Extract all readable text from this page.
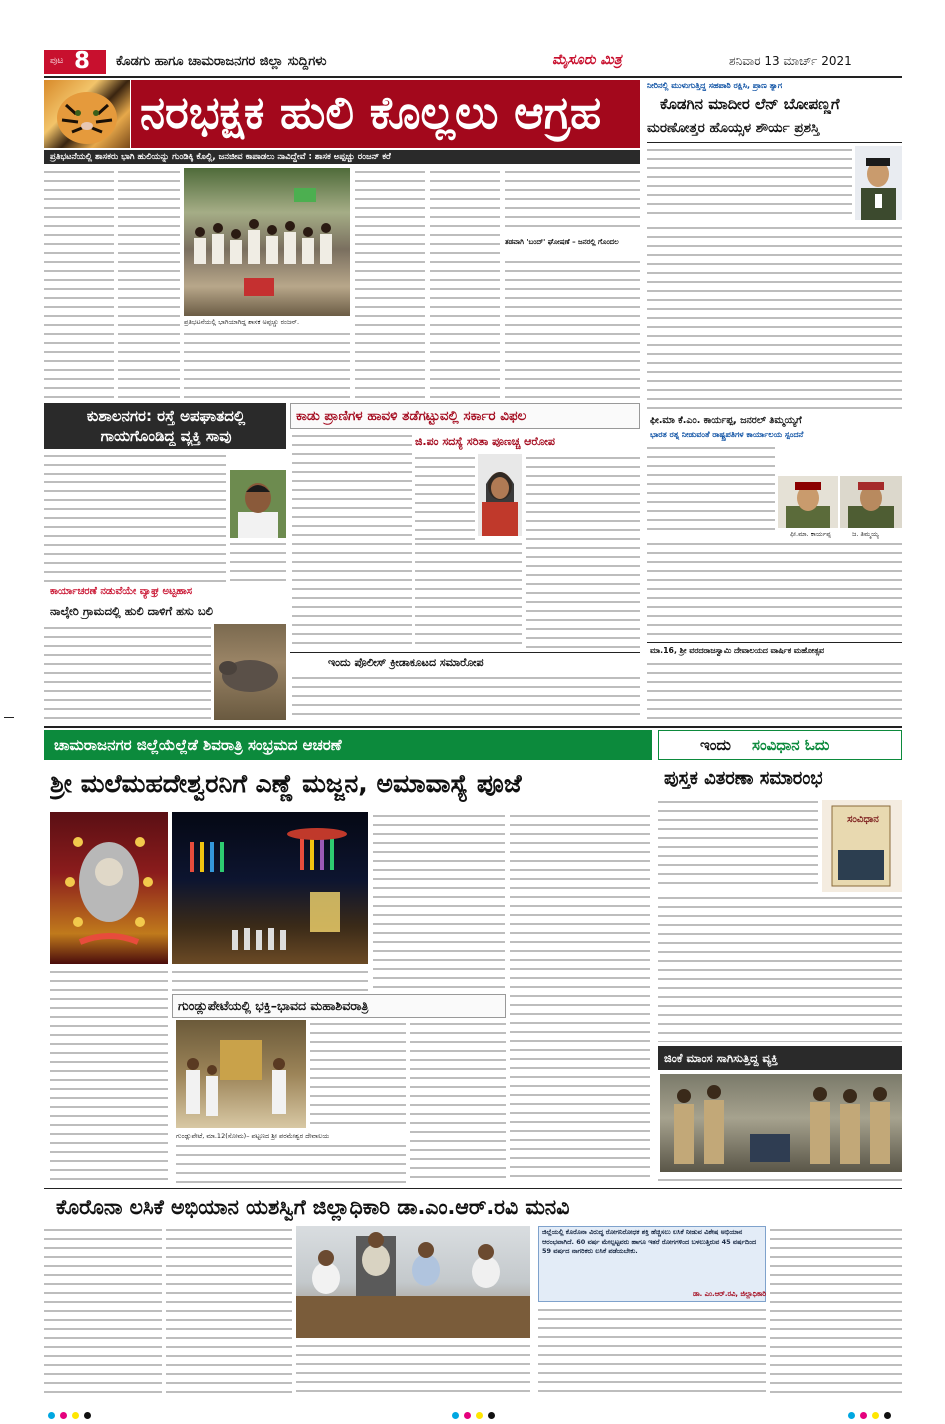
ಪುಟ 8 ಕೊಡಗು ಹಾಗೂ ಚಾಮರಾಜನಗರ ಜಿಲ್ಲಾ ಸುದ್ದಿಗಳು	ಮೈಸೂರು ಮಿತ್ರ	ಶನಿವಾರ 13 ಮಾರ್ಚ್ 2021
ನರಭಕ್ಷಕ ಹುಲಿ ಕೊಲ್ಲಲು ಆಗ್ರಹ
ಪ್ರತಿಭಟನೆಯಲ್ಲಿ ಶಾಸಕರು ಭಾಗಿ ಹುಲಿಯನ್ನು ಗುಂಡಿಕ್ಕಿ ಕೊಲ್ಲಿ, ಜನಜೀವ ಕಾಪಾಡಲು ನಾವಿದ್ದೇವೆ : ಶಾಸಕ ಅಪ್ಪಚ್ಚು ರಂಜನ್ ಕರೆ
ಪ್ರತಿಭಟನೆಯಲ್ಲಿ ಭಾಗಿಯಾಗಿದ್ದ ಶಾಸಕ ಅಪ್ಪಚ್ಚು ರಂಜನ್.
ತಡವಾಗಿ 'ಬಂದ್' ಘೋಷಣೆ – ಜನರಲ್ಲಿ ಗೊಂದಲ
ನೀರಿನಲ್ಲಿ ಮುಳುಗುತ್ತಿದ್ದ ಸಹಪಾಠಿ ರಕ್ಷಿಸಿ, ಪ್ರಾಣ ತ್ಯಾಗ
ಕೊಡಗಿನ ಮಾದೀರ ಲೆನ್‍ ಬೋಪಣ್ಣಗೆ
ಮರಣೋತ್ತರ ಹೊಯ್ಸಳ ಶೌರ್ಯ ಪ್ರಶಸ್ತಿ
ಕುಶಾಲನಗರ: ರಸ್ತೆ ಅಪಘಾತದಲ್ಲಿ
ಗಾಯಗೊಂಡಿದ್ದ ವ್ಯಕ್ತಿ ಸಾವು
ಕಾರ್ಯಾಚರಣೆ ನಡುವೆಯೇ ವ್ಯಾಘ್ರ ಅಟ್ಟಹಾಸ
ನಾಲ್ಕೇರಿ ಗ್ರಾಮದಲ್ಲಿ ಹುಲಿ ದಾಳಿಗೆ ಹಸು ಬಲಿ
ಕಾಡು ಪ್ರಾಣಿಗಳ ಹಾವಳಿ ತಡೆಗಟ್ಟುವಲ್ಲಿ ಸರ್ಕಾರ ವಿಫಲ
ಜಿ.ಪಂ ಸದಸ್ಯೆ ಸರಿತಾ ಪೂಣಚ್ಚ ಆರೋಪ
ಇಂದು ಪೊಲೀಸ್ ಕ್ರೀಡಾಕೂಟದ ಸಮಾರೋಪ
ಫೀ.ಮಾ ಕೆ.ಎಂ. ಕಾರ್ಯಪ್ಪ, ಜನರಲ್ ತಿಮ್ಮಯ್ಯಗೆ
ಭಾರತ ರತ್ನ ನೀಡುವಂತೆ ರಾಷ್ಟ್ರಪತಿಗಳ ಕಾರ್ಯಾಲಯ ಸ್ಪಂದನೆ
ಫೀ.ಮಾ. ಕಾರ್ಯಪ್ಪ	ಜ. ತಿಮ್ಮಯ್ಯ
ಮಾ.16, ಶ್ರೀ ವರದರಾಜಸ್ವಾಮಿ ದೇವಾಲಯದ ವಾರ್ಷಿಕ ಮಹೋತ್ಸವ
ಚಾಮರಾಜನಗರ ಜಿಲ್ಲೆಯೆಲ್ಲೆಡೆ ಶಿವರಾತ್ರಿ ಸಂಭ್ರಮದ ಆಚರಣೆ
ಶ್ರೀ ಮಲೆಮಹದೇಶ್ವರನಿಗೆ ಎಣ್ಣೆ ಮಜ್ಜನ, ಅಮಾವಾಸ್ಯೆ ಪೂಜೆ
ಗುಂಡ್ಲುಪೇಟೆಯಲ್ಲಿ ಭಕ್ತಿ–ಭಾವದ ಮಹಾಶಿವರಾತ್ರಿ
ಗುಂಡ್ಲುಪೇಟೆ, ಮಾ.12(ಸೋಮ)– ಪಟ್ಟಣದ ಶ್ರೀ ಪರಮೇಶ್ವರ ದೇವಾಲಯ
ಇಂದು ಸಂವಿಧಾನ ಓದು
ಪುಸ್ತಕ ವಿತರಣಾ ಸಮಾರಂಭ
ಸಂವಿಧಾನ
ಜಿಂಕೆ ಮಾಂಸ ಸಾಗಿಸುತ್ತಿದ್ದ ವ್ಯಕ್ತಿ
ಕೊರೊನಾ ಲಸಿಕೆ ಅಭಿಯಾನ ಯಶಸ್ವಿಗೆ ಜಿಲ್ಲಾಧಿಕಾರಿ ಡಾ.ಎಂ.ಆರ್.ರವಿ ಮನವಿ
ಜಿಲ್ಲೆಯಲ್ಲಿ ಕೊರೊನಾ ವಿರುದ್ಧ ರೋಗನಿರೋಧಕ ಶಕ್ತಿ ಹೆಚ್ಚಿಸಲು ಲಸಿಕೆ ನೀಡುವ ವಿಶೇಷ ಅಭಿಯಾನ ಆರಂಭವಾಗಿದೆ. 60 ವರ್ಷ ಮೇಲ್ಪಟ್ಟವರು ಹಾಗೂ ಇತರೆ ರೋಗಗಳಿಂದ ಬಳಲುತ್ತಿರುವ 45 ವರ್ಷದಿಂದ 59 ವರ್ಷದ ನಾಗರಿಕರು ಲಸಿಕೆ ಪಡೆಯಬೇಕು.
ಡಾ. ಎಂ.ಆರ್.ರವಿ, ಜಿಲ್ಲಾಧಿಕಾರಿ
